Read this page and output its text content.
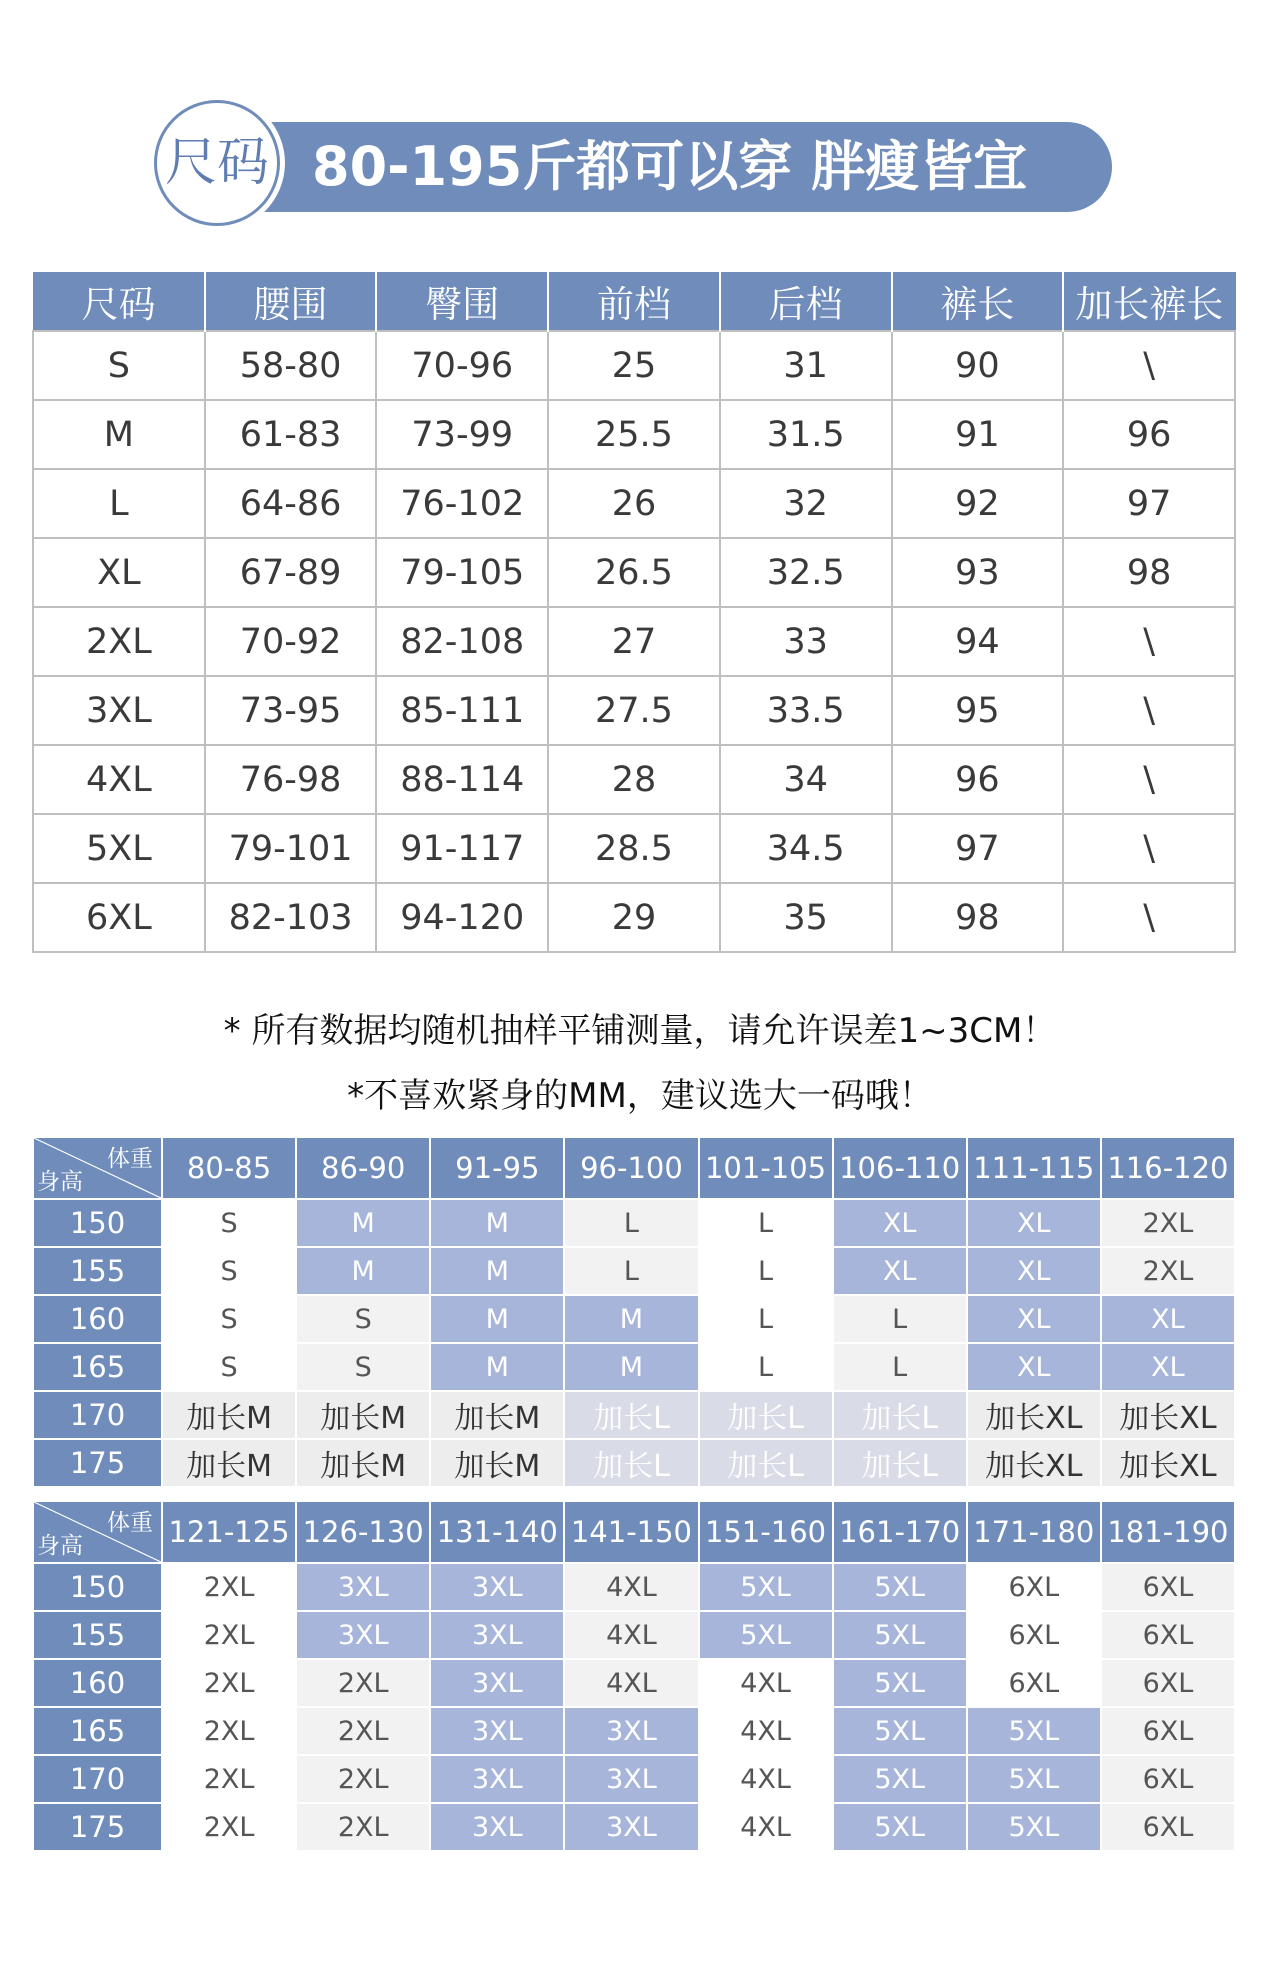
80-195斤都可以穿 胖瘦皆宜
尺码
尺码	腰围	臀围	前档	后档	裤长	加长裤长
S	58-80	70-96	25	31	90	\
M	61-83	73-99	25.5	31.5	91	96
L	64-86	76-102	26	32	92	97
XL	67-89	79-105	26.5	32.5	93	98
2XL	70-92	82-108	27	33	94	\
3XL	73-95	85-111	27.5	33.5	95	\
4XL	76-98	88-114	28	34	96	\
5XL	79-101	91-117	28.5	34.5	97	\
6XL	82-103	94-120	29	35	98	\
* 所有数据均随机抽样平铺测量，请允许误差1~3CM！
*不喜欢紧身的MM，建议选大一码哦！
体重
身高	80-85	86-90	91-95	96-100	101-105	106-110	111-115	116-120
150	S	M	M	L	L	XL	XL	2XL
155	S	M	M	L	L	XL	XL	2XL
160	S	S	M	M	L	L	XL	XL
165	S	S	M	M	L	L	XL	XL
170	加长M	加长M	加长M	加长L	加长L	加长L	加长XL	加长XL
175	加长M	加长M	加长M	加长L	加长L	加长L	加长XL	加长XL
体重
身高	121-125	126-130	131-140	141-150	151-160	161-170	171-180	181-190
150	2XL	3XL	3XL	4XL	5XL	5XL	6XL	6XL
155	2XL	3XL	3XL	4XL	5XL	5XL	6XL	6XL
160	2XL	2XL	3XL	4XL	4XL	5XL	6XL	6XL
165	2XL	2XL	3XL	3XL	4XL	5XL	5XL	6XL
170	2XL	2XL	3XL	3XL	4XL	5XL	5XL	6XL
175	2XL	2XL	3XL	3XL	4XL	5XL	5XL	6XL
